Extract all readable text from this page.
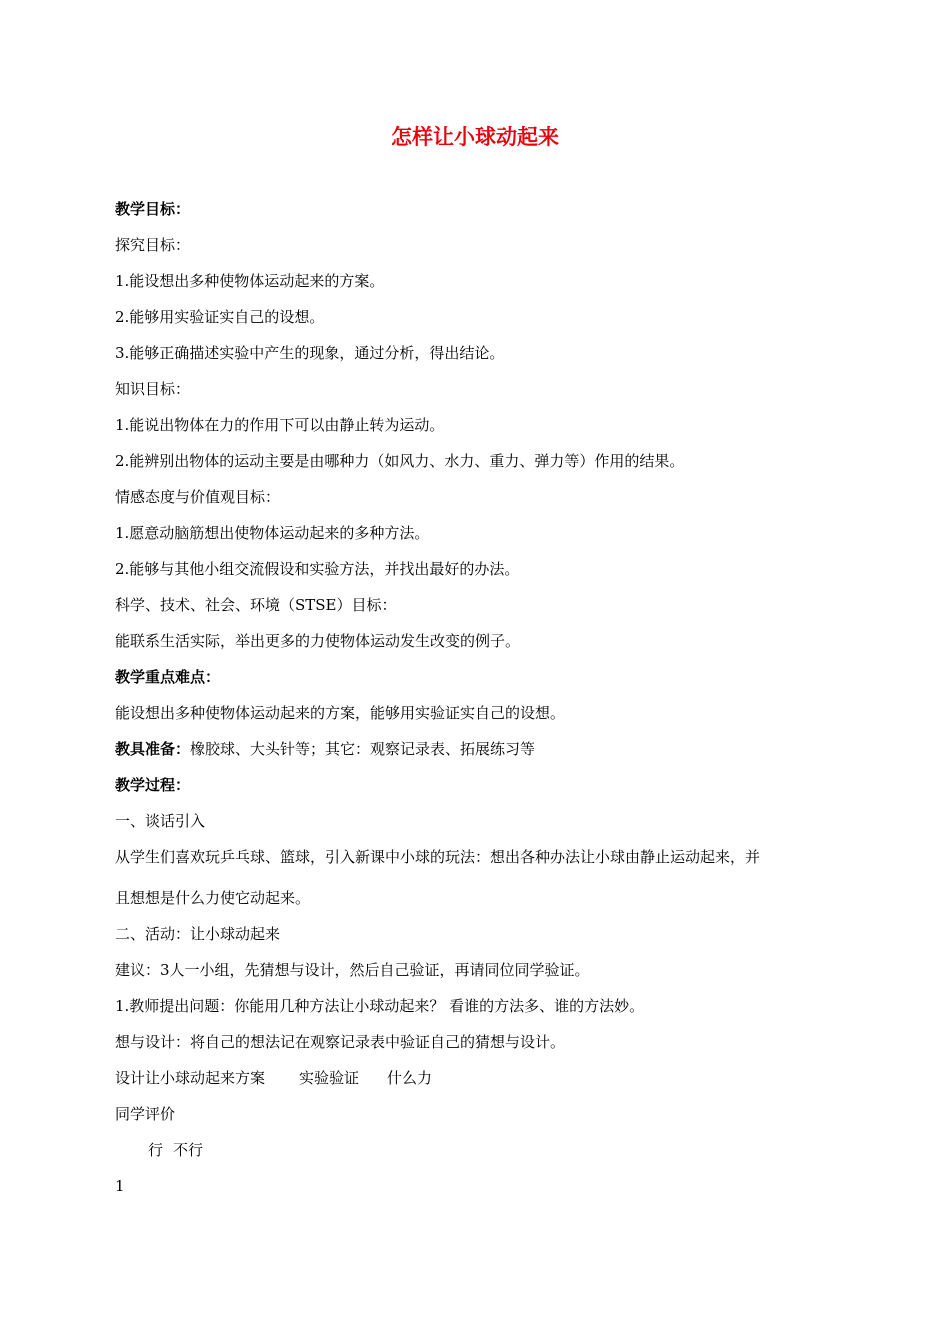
怎样让小球动起来
教学目标：
探究目标：
1.能设想出多种使物体运动起来的方案。
2.能够用实验证实自己的设想。
3.能够正确描述实验中产生的现象，通过分析，得出结论。
知识目标：
1.能说出物体在力的作用下可以由静止转为运动。
2.能辨别出物体的运动主要是由哪种力（如风力、水力、重力、弹力等）作用的结果。
情感态度与价值观目标：
1.愿意动脑筋想出使物体运动起来的多种方法。
2.能够与其他小组交流假设和实验方法，并找出最好的办法。
科学、技术、社会、环境（STSE）目标：
能联系生活实际，举出更多的力使物体运动发生改变的例子。
教学重点难点：
能设想出多种使物体运动起来的方案，能够用实验证实自己的设想。
教具准备：橡胶球、大头针等；其它：观察记录表、拓展练习等
教学过程：
一、谈话引入
从学生们喜欢玩乒乓球、篮球，引入新课中小球的玩法：想出各种办法让小球由静止运动起来，并
且想想是什么力使它动起来。
二、活动：让小球动起来
建议：3人一小组，先猜想与设计，然后自己验证，再请同位同学验证。
1.教师提出问题：你能用几种方法让小球动起来？ 看谁的方法多、谁的方法妙。
想与设计：将自己的想法记在观察记录表中验证自己的猜想与设计。
设计让小球动起来方案 实验验证 什么力
同学评价
行 不行
1
